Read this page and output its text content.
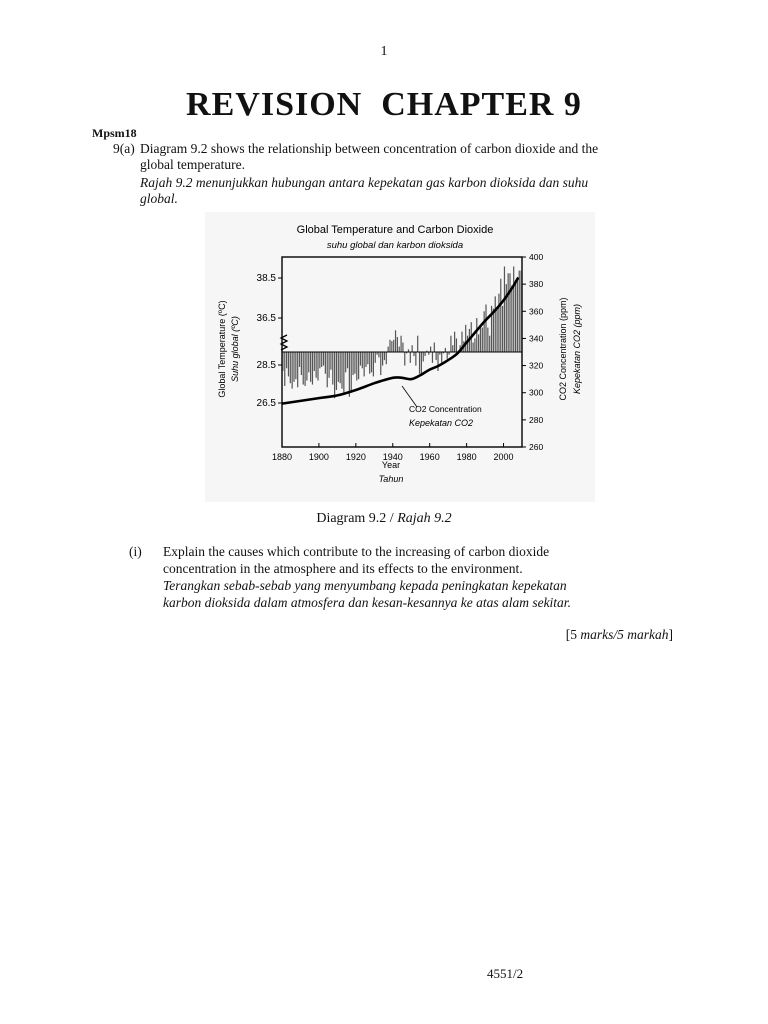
1
REVISION  CHAPTER 9
Mpsm18
9(a) Diagram 9.2 shows the relationship between concentration of carbon dioxide and the
global temperature.
Rajah 9.2 menunjukkan hubungan antara kepekatan gas karbon dioksida dan suhu
global.
Global Temperature and Carbon Dioxide
suhu global dan karbon dioksida
1880 1900 1920 1940 1960 1980 2000
38.5
36.5
28.5
26.5
400
380
360
340
320
300
280
260
Year
Tahun
Global Temperature (ºC) Suhu global (ºC)	CO2 Concentration (ppm) Kepekatan CO2 (ppm)
CO2 Concentration
Kepekatan CO2
Diagram 9.2 / Rajah 9.2
(i) Explain the causes which contribute to the increasing of carbon dioxide
concentration in the atmosphere and its effects to the environment.
Terangkan sebab-sebab yang menyumbang kepada peningkatan kepekatan
karbon dioksida dalam atmosfera dan kesan-kesannya ke atas alam sekitar.
[5 marks/5 markah]
4551/2
